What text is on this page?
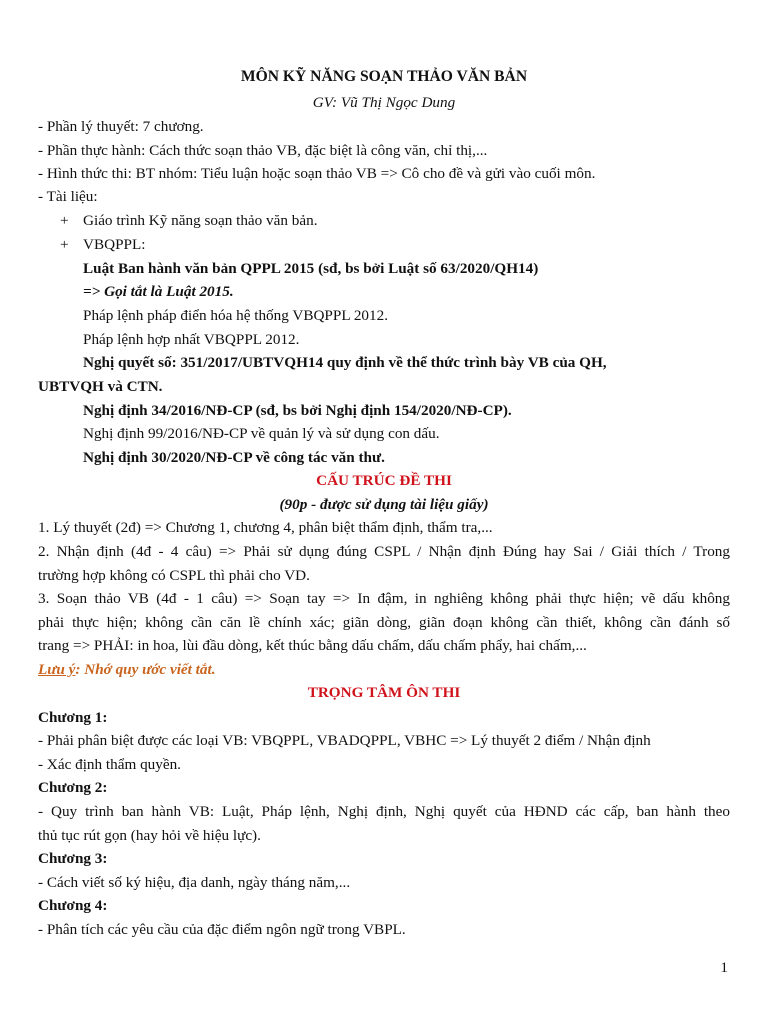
MÔN KỸ NĂNG SOẠN THẢO VĂN BẢN
GV: Vũ Thị Ngọc Dung
- Phần lý thuyết: 7 chương.
- Phần thực hành: Cách thức soạn thảo VB, đặc biệt là công văn, chỉ thị,...
- Hình thức thi: BT nhóm: Tiểu luận hoặc soạn thảo VB => Cô cho đề và gửi vào cuối môn.
- Tài liệu:
+ Giáo trình Kỹ năng soạn thảo văn bản.
+ VBQPPL:
Luật Ban hành văn bản QPPL 2015 (sđ, bs bởi Luật số 63/2020/QH14)
=> Gọi tắt là Luật 2015.
Pháp lệnh pháp điển hóa hệ thống VBQPPL 2012.
Pháp lệnh hợp nhất VBQPPL 2012.
Nghị quyết số: 351/2017/UBTVQH14 quy định về thể thức trình bày VB của QH,
UBTVQH và CTN.
Nghị định 34/2016/NĐ-CP (sđ, bs bởi Nghị định 154/2020/NĐ-CP).
Nghị định 99/2016/NĐ-CP về quản lý và sử dụng con dấu.
Nghị định 30/2020/NĐ-CP về công tác văn thư.
CẤU TRÚC ĐỀ THI
(90p - được sử dụng tài liệu giấy)
1. Lý thuyết (2đ) => Chương 1, chương 4, phân biệt thẩm định, thẩm tra,...
2. Nhận định (4đ - 4 câu) => Phải sử dụng đúng CSPL / Nhận định Đúng hay Sai / Giải thích / Trong
trường hợp không có CSPL thì phải cho VD.
3. Soạn thảo VB (4đ - 1 câu) => Soạn tay => In đậm, in nghiêng không phải thực hiện; vẽ dấu không
phải thực hiện; không cần căn lề chính xác; giãn dòng, giãn đoạn không cần thiết, không cần đánh số
trang => PHẢI: in hoa, lùi đầu dòng, kết thúc bằng dấu chấm, dấu chấm phẩy, hai chấm,...
Lưu ý: Nhớ quy ước viết tắt.
TRỌNG TÂM ÔN THI
Chương 1:
- Phải phân biệt được các loại VB: VBQPPL, VBADQPPL, VBHC => Lý thuyết 2 điểm / Nhận định
- Xác định thẩm quyền.
Chương 2:
- Quy trình ban hành VB: Luật, Pháp lệnh, Nghị định, Nghị quyết của HĐND các cấp, ban hành theo
thủ tục rút gọn (hay hỏi về hiệu lực).
Chương 3:
- Cách viết số ký hiệu, địa danh, ngày tháng năm,...
Chương 4:
- Phân tích các yêu cầu của đặc điểm ngôn ngữ trong VBPL.
1
